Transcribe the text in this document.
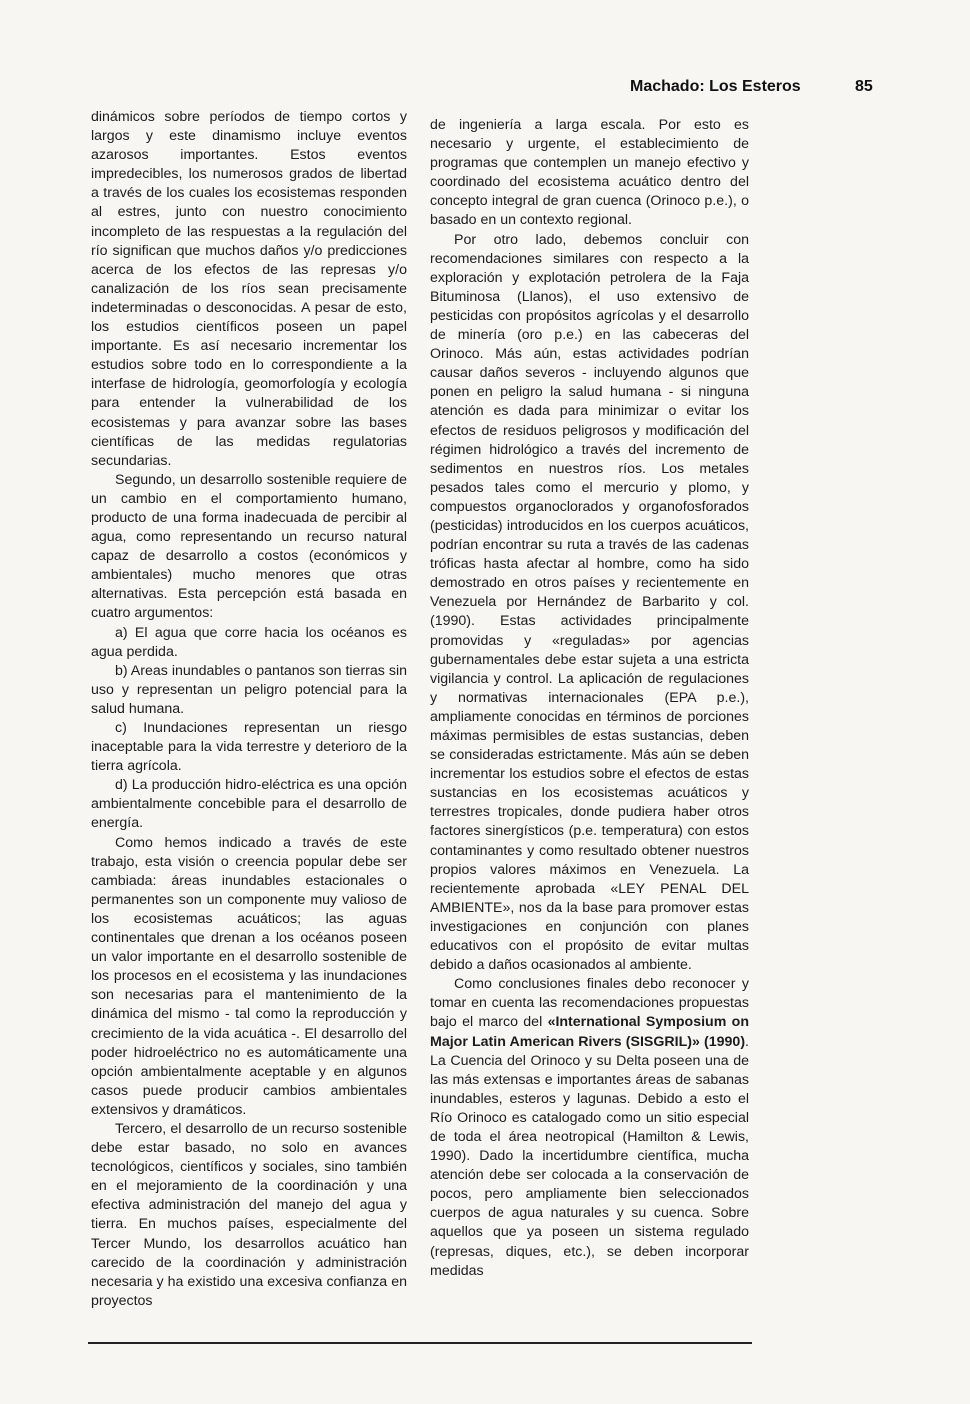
Machado: Los Esteros	85

dinámicos sobre períodos de tiempo cortos y largos y este dinamismo incluye eventos azarosos importantes. Estos eventos impredecibles, los numerosos grados de libertad a través de los cuales los ecosistemas responden al estres, junto con nuestro conocimiento incompleto de las respuestas a la regulación del río significan que muchos daños y/o predicciones acerca de los efectos de las represas y/o canalización de los ríos sean precisamente indeterminadas o desconocidas. A pesar de esto, los estudios científicos poseen un papel importante. Es así necesario incrementar los estudios sobre todo en lo correspondiente a la interfase de hidrología, geomorfología y ecología para entender la vulnerabilidad de los ecosistemas y para avanzar sobre las bases científicas de las medidas regulatorias secundarias.

Segundo, un desarrollo sostenible requiere de un cambio en el comportamiento humano, producto de una forma inadecuada de percibir al agua, como representando un recurso natural capaz de desarrollo a costos (económicos y ambientales) mucho menores que otras alternativas. Esta percepción está basada en cuatro argumentos:

a) El agua que corre hacia los océanos es agua perdida.

b) Areas inundables o pantanos son tierras sin uso y representan un peligro potencial para la salud humana.

c) Inundaciones representan un riesgo inaceptable para la vida terrestre y deterioro de la tierra agrícola.

d) La producción hidro-eléctrica es una opción ambientalmente concebible para el desarrollo de energía.

Como hemos indicado a través de este trabajo, esta visión o creencia popular debe ser cambiada: áreas inundables estacionales o permanentes son un componente muy valioso de los ecosistemas acuáticos; las aguas continentales que drenan a los océanos poseen un valor importante en el desarrollo sostenible de los procesos en el ecosistema y las inundaciones son necesarias para el mantenimiento de la dinámica del mismo - tal como la reproducción y crecimiento de la vida acuática -. El desarrollo del poder hidroeléctrico no es automáticamente una opción ambientalmente aceptable y en algunos casos puede producir cambios ambientales extensivos y dramáticos.

Tercero, el desarrollo de un recurso sostenible debe estar basado, no solo en avances tecnológicos, científicos y sociales, sino también en el mejoramiento de la coordinación y una efectiva administración del manejo del agua y tierra. En muchos países, especialmente del Tercer Mundo, los desarrollos acuático han carecido de la coordinación y administración necesaria y ha existido una excesiva confianza en proyectos

de ingeniería a larga escala. Por esto es necesario y urgente, el establecimiento de programas que contemplen un manejo efectivo y coordinado del ecosistema acuático dentro del concepto integral de gran cuenca (Orinoco p.e.), o basado en un contexto regional.

Por otro lado, debemos concluir con recomendaciones similares con respecto a la exploración y explotación petrolera de la Faja Bituminosa (Llanos), el uso extensivo de pesticidas con propósitos agrícolas y el desarrollo de minería (oro p.e.) en las cabeceras del Orinoco. Más aún, estas actividades podrían causar daños severos - incluyendo algunos que ponen en peligro la salud humana - si ninguna atención es dada para minimizar o evitar los efectos de residuos peligrosos y modificación del régimen hidrológico a través del incremento de sedimentos en nuestros ríos. Los metales pesados tales como el mercurio y plomo, y compuestos organoclorados y organofosforados (pesticidas) introducidos en los cuerpos acuáticos, podrían encontrar su ruta a través de las cadenas tróficas hasta afectar al hombre, como ha sido demostrado en otros países y recientemente en Venezuela por Hernández de Barbarito y col. (1990). Estas actividades principalmente promovidas y «reguladas» por agencias gubernamentales debe estar sujeta a una estricta vigilancia y control. La aplicación de regulaciones y normativas internacionales (EPA p.e.), ampliamente conocidas en términos de porciones máximas permisibles de estas sustancias, deben se consideradas estrictamente. Más aún se deben incrementar los estudios sobre el efectos de estas sustancias en los ecosistemas acuáticos y terrestres tropicales, donde pudiera haber otros factores sinergísticos (p.e. temperatura) con estos contaminantes y como resultado obtener nuestros propios valores máximos en Venezuela. La recientemente aprobada «LEY PENAL DEL AMBIENTE», nos da la base para promover estas investigaciones en conjunción con planes educativos con el propósito de evitar multas debido a daños ocasionados al ambiente.

Como conclusiones finales debo reconocer y tomar en cuenta las recomendaciones propuestas bajo el marco del «International Symposium on Major Latin American Rivers (SISGRIL)» (1990). La Cuencia del Orinoco y su Delta poseen una de las más extensas e importantes áreas de sabanas inundables, esteros y lagunas. Debido a esto el Río Orinoco es catalogado como un sitio especial de toda el área neotropical (Hamilton & Lewis, 1990). Dado la incertidumbre científica, mucha atención debe ser colocada a la conservación de pocos, pero ampliamente bien seleccionados cuerpos de agua naturales y su cuenca. Sobre aquellos que ya poseen un sistema regulado (represas, diques, etc.), se deben incorporar medidas
